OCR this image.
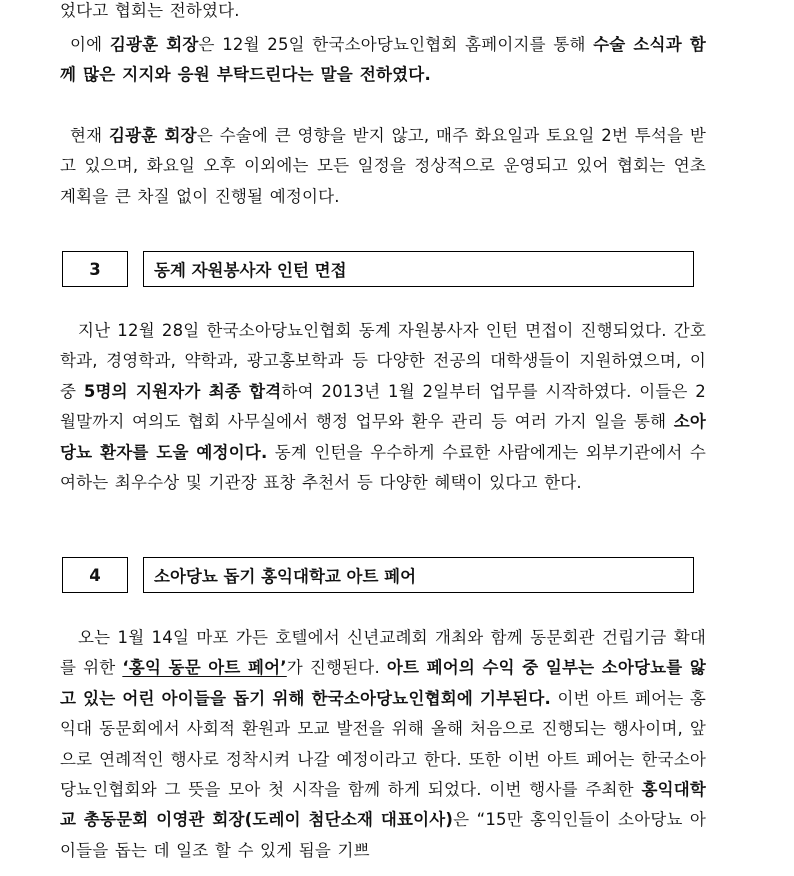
었다고 협회는 전하였다.

이에 김광훈 회장은 12월 25일 한국소아당뇨인협회 홈페이지를 통해 수술 소식과 함께 많은 지지와 응원 부탁드린다는 말을 전하였다.

현재 김광훈 회장은 수술에 큰 영향을 받지 않고, 매주 화요일과 토요일 2번 투석을 받고 있으며, 화요일 오후 이외에는 모든 일정을 정상적으로 운영되고 있어 협회는 연초 계획을 큰 차질 없이 진행될 예정이다.

3	동계 자원봉사자 인턴 면접

지난 12월 28일 한국소아당뇨인협회 동계 자원봉사자 인턴 면접이 진행되었다. 간호학과, 경영학과, 약학과, 광고홍보학과 등 다양한 전공의 대학생들이 지원하였으며, 이 중 5명의 지원자가 최종 합격하여 2013년 1월 2일부터 업무를 시작하였다. 이들은 2월말까지 여의도 협회 사무실에서 행정 업무와 환우 관리 등 여러 가지 일을 통해 소아당뇨 환자를 도울 예정이다. 동계 인턴을 우수하게 수료한 사람에게는 외부기관에서 수여하는 최우수상 및 기관장 표창 추천서 등 다양한 혜택이 있다고 한다.

4	소아당뇨 돕기 홍익대학교 아트 페어

오는 1월 14일 마포 가든 호텔에서 신년교례회 개최와 함께 동문회관 건립기금 확대를 위한 ‘홍익 동문 아트 페어’가 진행된다. 아트 페어의 수익 중 일부는 소아당뇨를 앓고 있는 어린 아이들을 돕기 위해 한국소아당뇨인협회에 기부된다. 이번 아트 페어는 홍익대 동문회에서 사회적 환원과 모교 발전을 위해 올해 처음으로 진행되는 행사이며, 앞으로 연례적인 행사로 정착시켜 나갈 예정이라고 한다. 또한 이번 아트 페어는 한국소아당뇨인협회와 그 뜻을 모아 첫 시작을 함께 하게 되었다. 이번 행사를 주최한 홍익대학교 총동문회 이영관 회장(도레이 첨단소재 대표이사)은 “15만 홍익인들이 소아당뇨 아이들을 돕는 데 일조 할 수 있게 됨을 기쁘
